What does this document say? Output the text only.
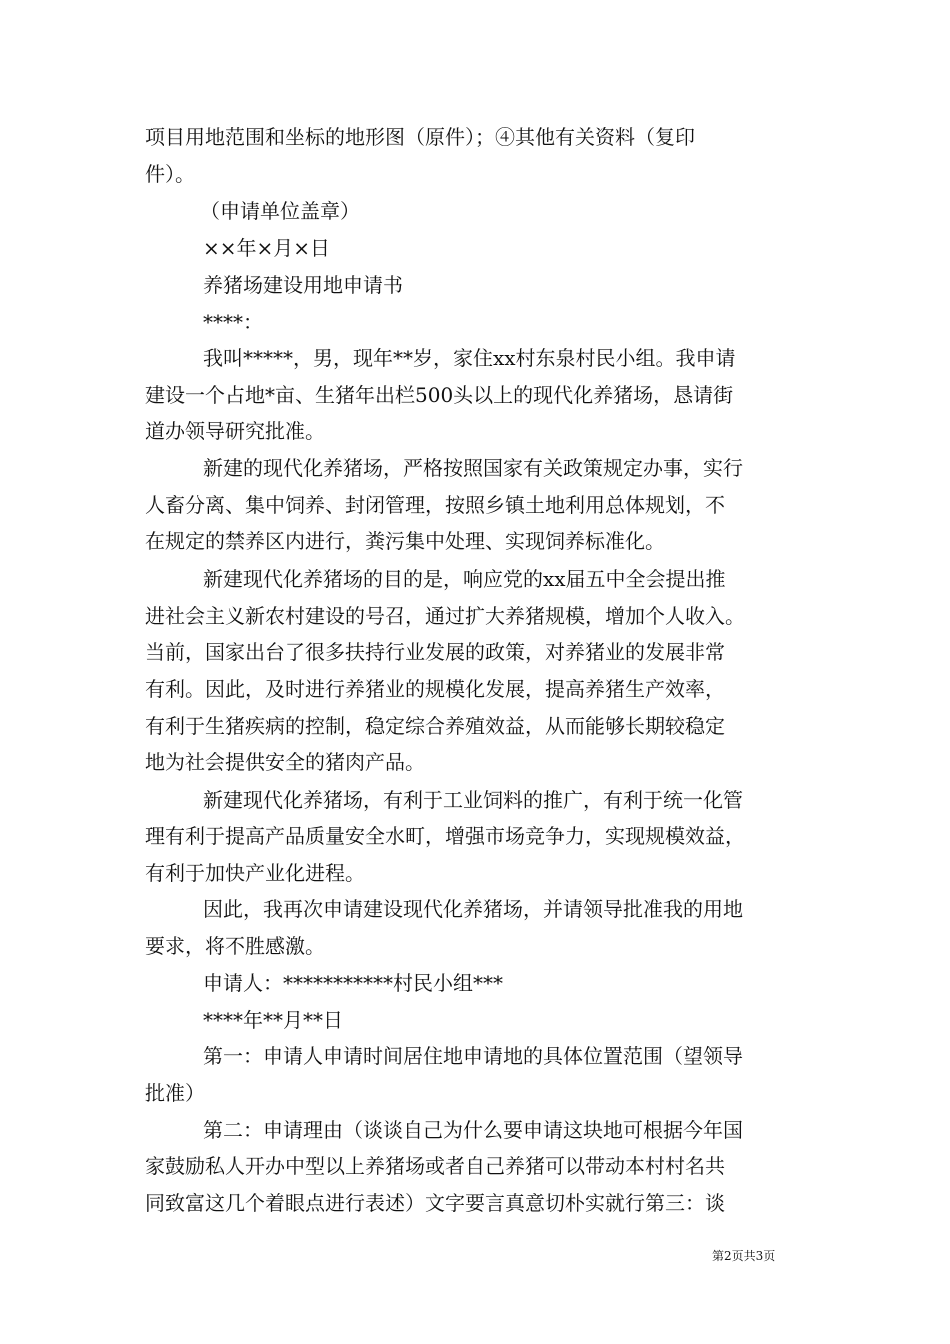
项目用地范围和坐标的地形图（原件）；④其他有关资料（复印
件）。
（申请单位盖章）
××年×月×日
养猪场建设用地申请书
****：
我叫*****，男，现年**岁，家住xx村东泉村民小组。我申请
建设一个占地*亩、生猪年出栏500头以上的现代化养猪场，恳请街
道办领导研究批准。
新建的现代化养猪场，严格按照国家有关政策规定办事，实行
人畜分离、集中饲养、封闭管理，按照乡镇土地利用总体规划，不
在规定的禁养区内进行，粪污集中处理、实现饲养标准化。
新建现代化养猪场的目的是，响应党的xx届五中全会提出推
进社会主义新农村建设的号召，通过扩大养猪规模，增加个人收入。
当前，国家出台了很多扶持行业发展的政策，对养猪业的发展非常
有利。因此，及时进行养猪业的规模化发展，提高养猪生产效率，
有利于生猪疾病的控制，稳定综合养殖效益，从而能够长期较稳定
地为社会提供安全的猪肉产品。
新建现代化养猪场，有利于工业饲料的推广，有利于统一化管
理有利于提高产品质量安全水町，增强市场竞争力，实现规模效益，
有利于加快产业化进程。
因此，我再次申请建设现代化养猪场，并请领导批准我的用地
要求，将不胜感激。
申请人：***********村民小组***
****年**月**日
第一：申请人申请时间居住地申请地的具体位置范围（望领导
批准）
第二：申请理由（谈谈自己为什么要申请这块地可根据今年国
家鼓励私人开办中型以上养猪场或者自己养猪可以带动本村村名共
同致富这几个着眼点进行表述）文字要言真意切朴实就行第三：谈
第2页共3页
